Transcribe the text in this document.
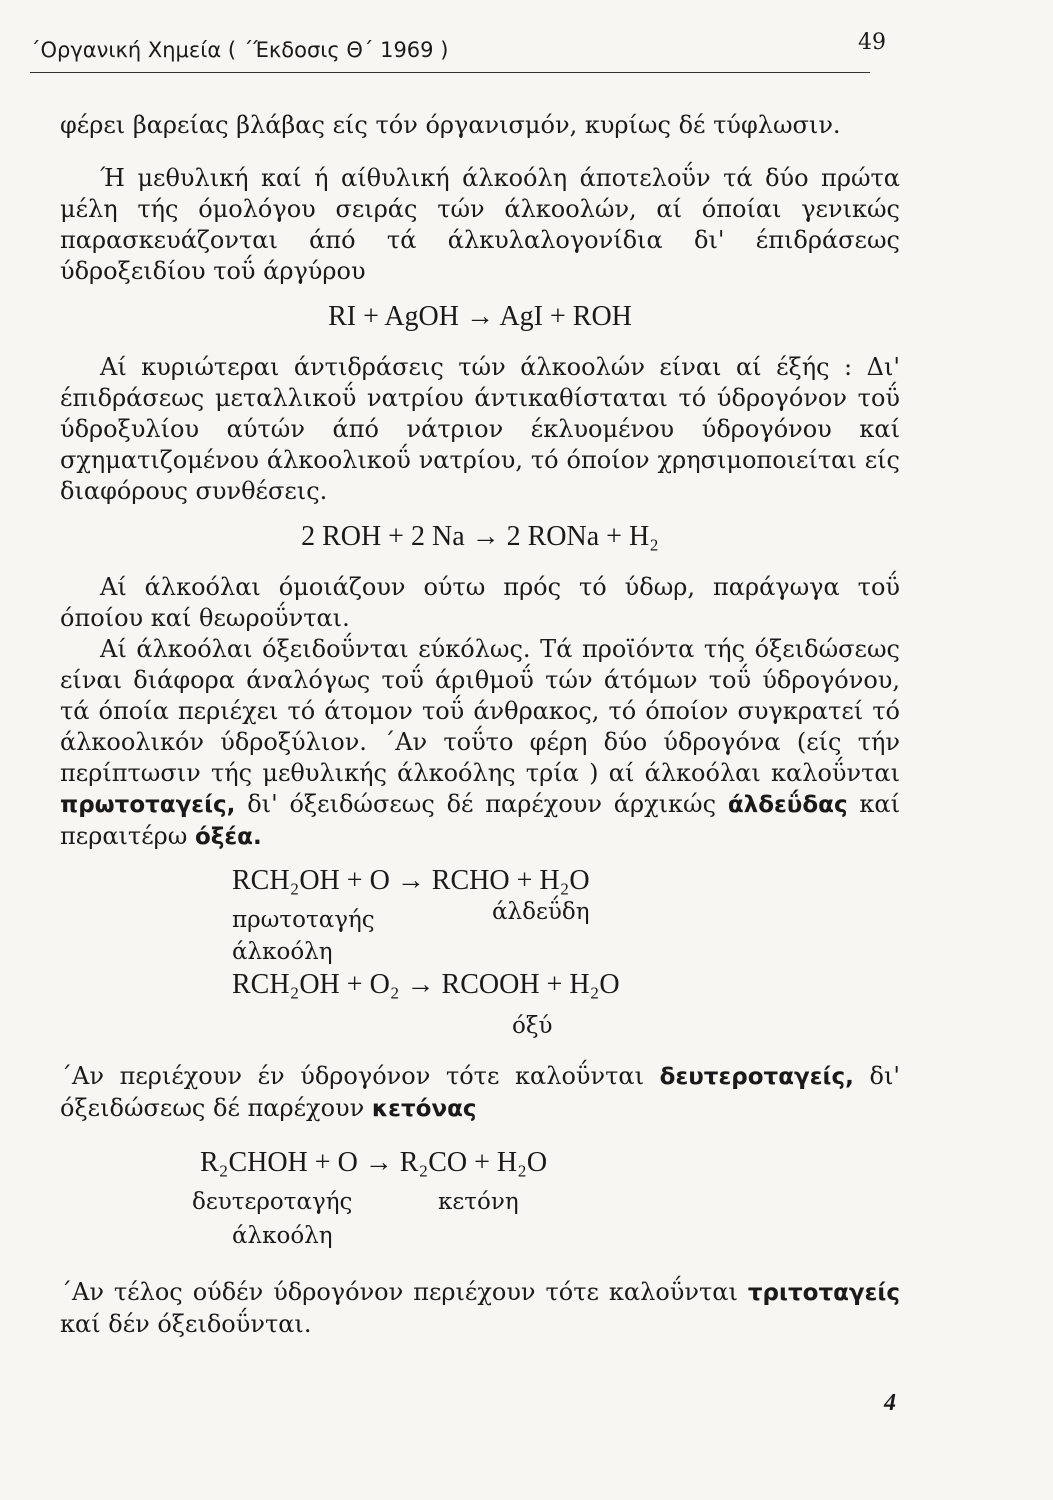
΄Οργανική Χημεία ( ΄Έκδοσις Θ΄ 1969 )	49

φέρει βαρείας βλάβας είς τόν όργανισμόν, κυρίως δέ τύφλωσιν.

Ή μεθυλική καί ή αίθυλική άλκοόλη άποτελοΰν τά δύο πρώτα μέλη τής όμολόγου σειράς τών άλκοολών, αί όποίαι γενικώς παρασκευάζονται άπό τά άλκυλαλογονίδια δι' έπιδράσεως ύδροξειδίου τοΰ άργύρου

RI + AgOH → AgI + ROH

Αί κυριώτεραι άντιδράσεις τών άλκοολών είναι αί έξής : Δι' έπιδράσεως μεταλλικοΰ νατρίου άντικαθίσταται τό ύδρογόνον τοΰ ύδροξυλίου αύτών άπό νάτριον έκλυομένου ύδρογόνου καί σχηματιζομένου άλκοολικοΰ νατρίου, τό όποίον χρησιμοποιείται είς διαφόρους συνθέσεις.

2 ROH + 2 Na → 2 RONa + H₂

Αί άλκοόλαι όμοιάζουν ούτω πρός τό ύδωρ, παράγωγα τοΰ όποίου καί θεωροΰνται.

Αί άλκοόλαι όξειδοΰνται εύκόλως. Τά προϊόντα τής όξειδώσεως είναι διάφορα άναλόγως τοΰ άριθμοΰ τών άτόμων τοΰ ύδρογόνου, τά όποία περιέχει τό άτομον τοΰ άνθρακος, τό όποίον συγκρατεί τό άλκοολικόν ύδροξύλιον. ΄Αν τοΰτο φέρη δύο ύδρογόνα (είς τήν περίπτωσιν τής μεθυλικής άλκοόλης τρία ) αί άλκοόλαι καλοΰνται πρωτοταγείς, δι' όξειδώσεως δέ παρέχουν άρχικώς άλδεΰδας καί περαιτέρω όξέα.

RCH₂OH + O → RCHO + H₂O
πρωτοταγής	άλδεΰδη
άλκοόλη
RCH₂OH + O₂ → RCOOH + H₂O
όξύ

΄Αν περιέχουν έν ύδρογόνον τότε καλοΰνται δευτεροταγείς, δι' όξειδώσεως δέ παρέχουν κετόνας

R₂CHOH + O → R₂CO + H₂O
δευτεροταγής	κετόνη
άλκοόλη

΄Αν τέλος ούδέν ύδρογόνον περιέχουν τότε καλοΰνται τριτοταγείς καί δέν όξειδοΰνται.

4
